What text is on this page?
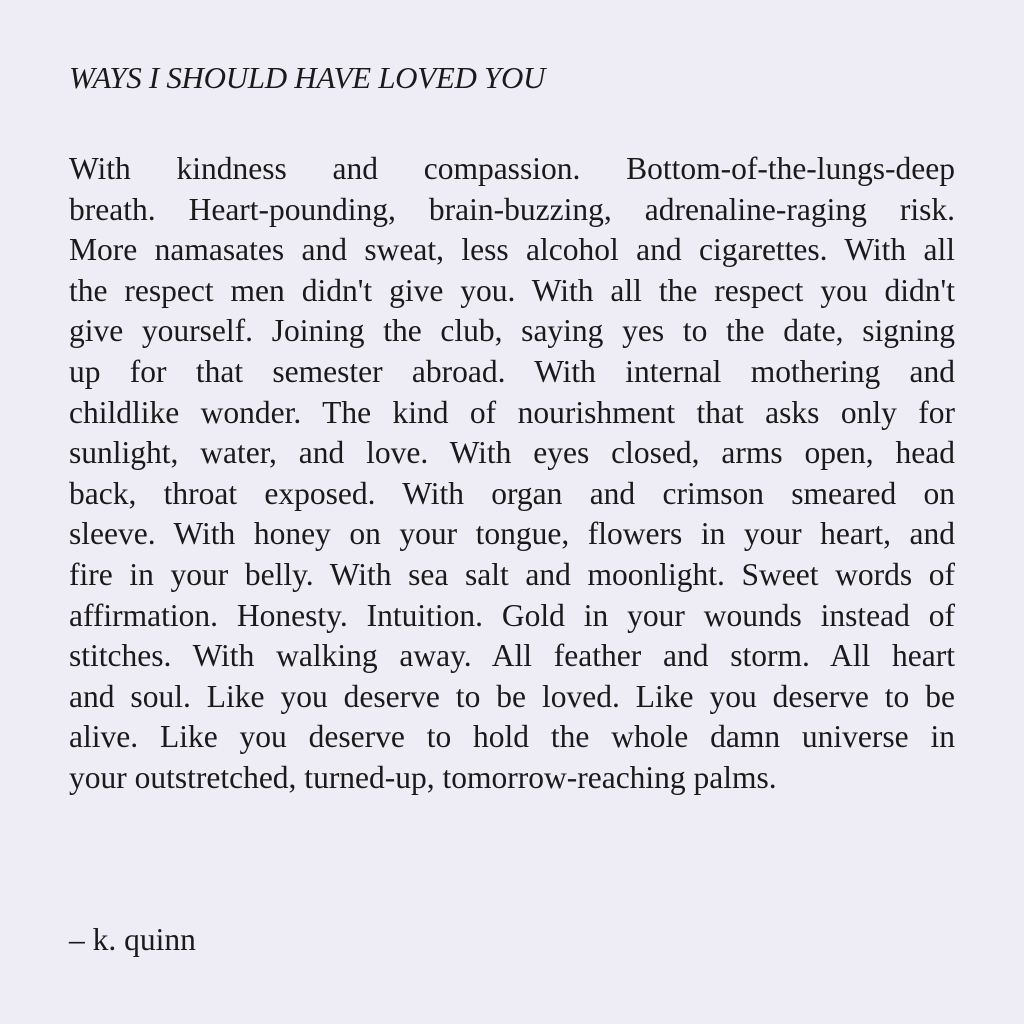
WAYS I SHOULD HAVE LOVED YOU
With kindness and compassion. Bottom-of-the-lungs-deep
breath. Heart-pounding, brain-buzzing, adrenaline-raging risk.
More namasates and sweat, less alcohol and cigarettes. With all
the respect men didn't give you. With all the respect you didn't
give yourself. Joining the club, saying yes to the date, signing
up for that semester abroad. With internal mothering and
childlike wonder. The kind of nourishment that asks only for
sunlight, water, and love. With eyes closed, arms open, head
back, throat exposed. With organ and crimson smeared on
sleeve. With honey on your tongue, flowers in your heart, and
fire in your belly. With sea salt and moonlight. Sweet words of
affirmation. Honesty. Intuition. Gold in your wounds instead of
stitches. With walking away. All feather and storm. All heart
and soul. Like you deserve to be loved. Like you deserve to be
alive. Like you deserve to hold the whole damn universe in
your outstretched, turned-up, tomorrow-reaching palms.

– k. quinn
